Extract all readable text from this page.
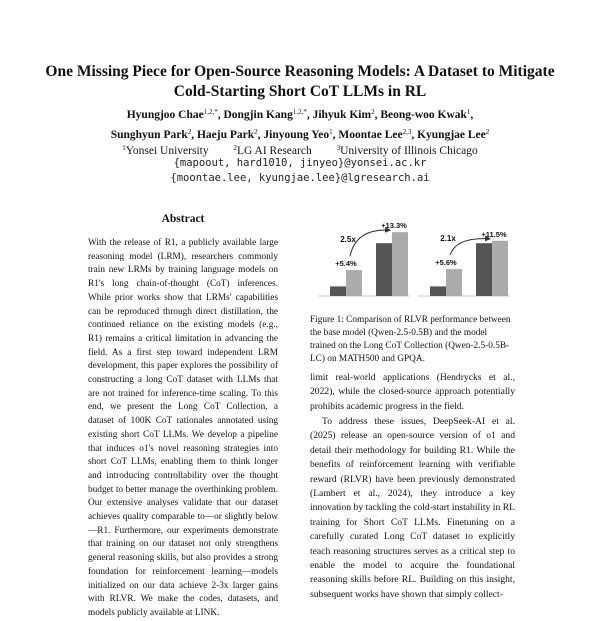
One Missing Piece for Open-Source Reasoning Models: A Dataset to Mitigate Cold-Starting Short CoT LLMs in RL
Hyungjoo Chae$^{1,2,*}$, Dongjin Kang$^{1,2,*}$, Jihyuk Kim$^2$, Beong-woo Kwak$^1$,
Sunghyun Park$^2$, Haeju Park$^2$, Jinyoung Yeo$^1$, Moontae Lee$^{2,3}$, Kyungjae Lee$^2$
$^1$Yonsei University	$^2$LG AI Research	$^3$University of Illinois Chicago
{mapoout, hard1010, jinyeo}@yonsei.ac.kr
{moontae.lee, kyungjae.lee}@lgresearch.ai
Abstract

With the release of R1, a publicly available large reasoning model (LRM), researchers commonly train new LRMs by training language models on R1's long chain-of-thought (CoT) inferences. While prior works show that LRMs' capabilities can be reproduced through direct distillation, the continued reliance on the existing models (e.g., R1) remains a critical limitation in advancing the field. As a first step toward independent LRM development, this paper explores the possibility of constructing a long CoT dataset with LLMs that are not trained for inference-time scaling. To this end, we present the Long CoT Collection, a dataset of 100K CoT rationales annotated using existing short CoT LLMs. We develop a pipeline that induces o1's novel reasoning strategies into short CoT LLMs, enabling them to think longer and introducing controllability over the thought budget to better manage the overthinking problem. Our extensive analyses validate that our dataset achieves quality comparable to—or slightly below—R1. Furthermore, our experiments demonstrate that training on our dataset not only strengthens general reasoning skills, but also provides a strong foundation for reinforcement learning—models initialized on our data achieve 2-3x larger gains with RLVR. We make the codes, datasets, and models publicly available at LINK.

+5.4%
+13.3%
2.5x
+5.6%
+11.5%
2.1x

Figure 1: Comparison of RLVR performance between the base model (Qwen-2.5-0.5B) and the model trained on the Long CoT Collection (Qwen-2.5-0.5B-LC) on MATH500 and GPQA.

limit real-world applications (Hendrycks et al., 2022), while the closed-source approach potentially prohibits academic progress in the field.

To address these issues, DeepSeek-AI et al. (2025) release an open-source version of o1 and detail their methodology for building R1. While the benefits of reinforcement learning with verifiable reward (RLVR) have been previously demonstrated (Lambert et al., 2024), they introduce a key innovation by tackling the cold-start instability in RL training for Short CoT LLMs. Finetuning on a carefully curated Long CoT dataset to explicitly teach reasoning structures serves as a critical step to enable the model to acquire the foundational reasoning skills before RL. Building on this insight, subsequent works have shown that simply collect-
